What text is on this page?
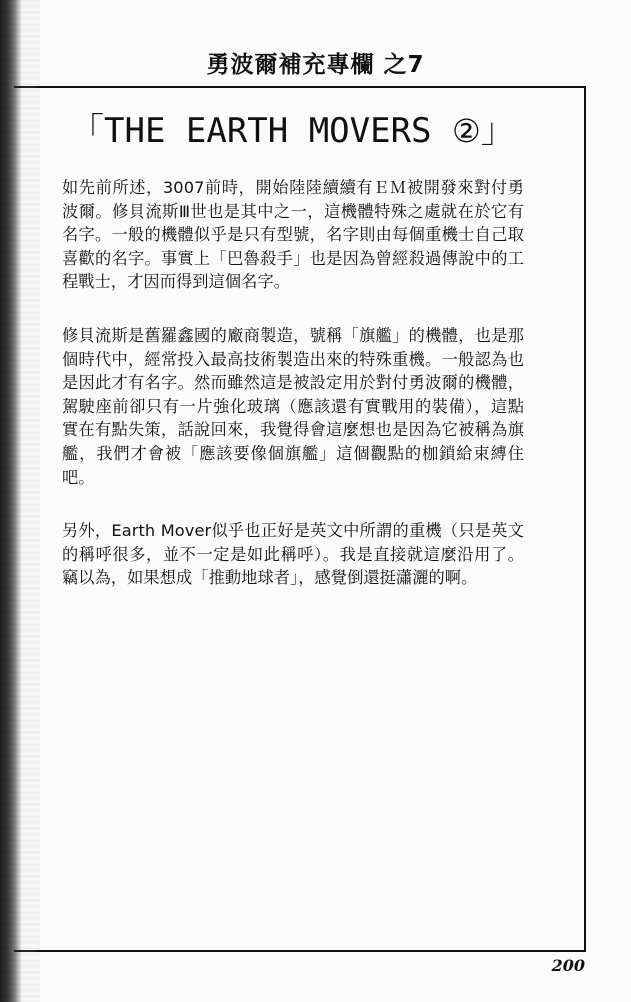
勇波爾補充專欄 之7
「THE EARTH MOVERS ②」

如先前所述，3007前時，開始陸陸續續有ＥＭ被開發來對付勇波爾。修貝流斯Ⅲ世也是其中之一，這機體特殊之處就在於它有名字。一般的機體似乎是只有型號，名字則由每個重機士自己取喜歡的名字。事實上「巴魯殺手」也是因為曾經殺過傳說中的工程戰士，才因而得到這個名字。

修貝流斯是舊羅鑫國的廠商製造，號稱「旗艦」的機體，也是那個時代中，經常投入最高技術製造出來的特殊重機。一般認為也是因此才有名字。然而雖然這是被設定用於對付勇波爾的機體，駕駛座前卻只有一片強化玻璃（應該還有實戰用的裝備），這點實在有點失策，話說回來，我覺得會這麼想也是因為它被稱為旗艦，我們才會被「應該要像個旗艦」這個觀點的枷鎖給束縛住吧。

另外，Earth Mover似乎也正好是英文中所謂的重機（只是英文的稱呼很多，並不一定是如此稱呼）。我是直接就這麼沿用了。竊以為，如果想成「推動地球者」，感覺倒還挺瀟灑的啊。

200
